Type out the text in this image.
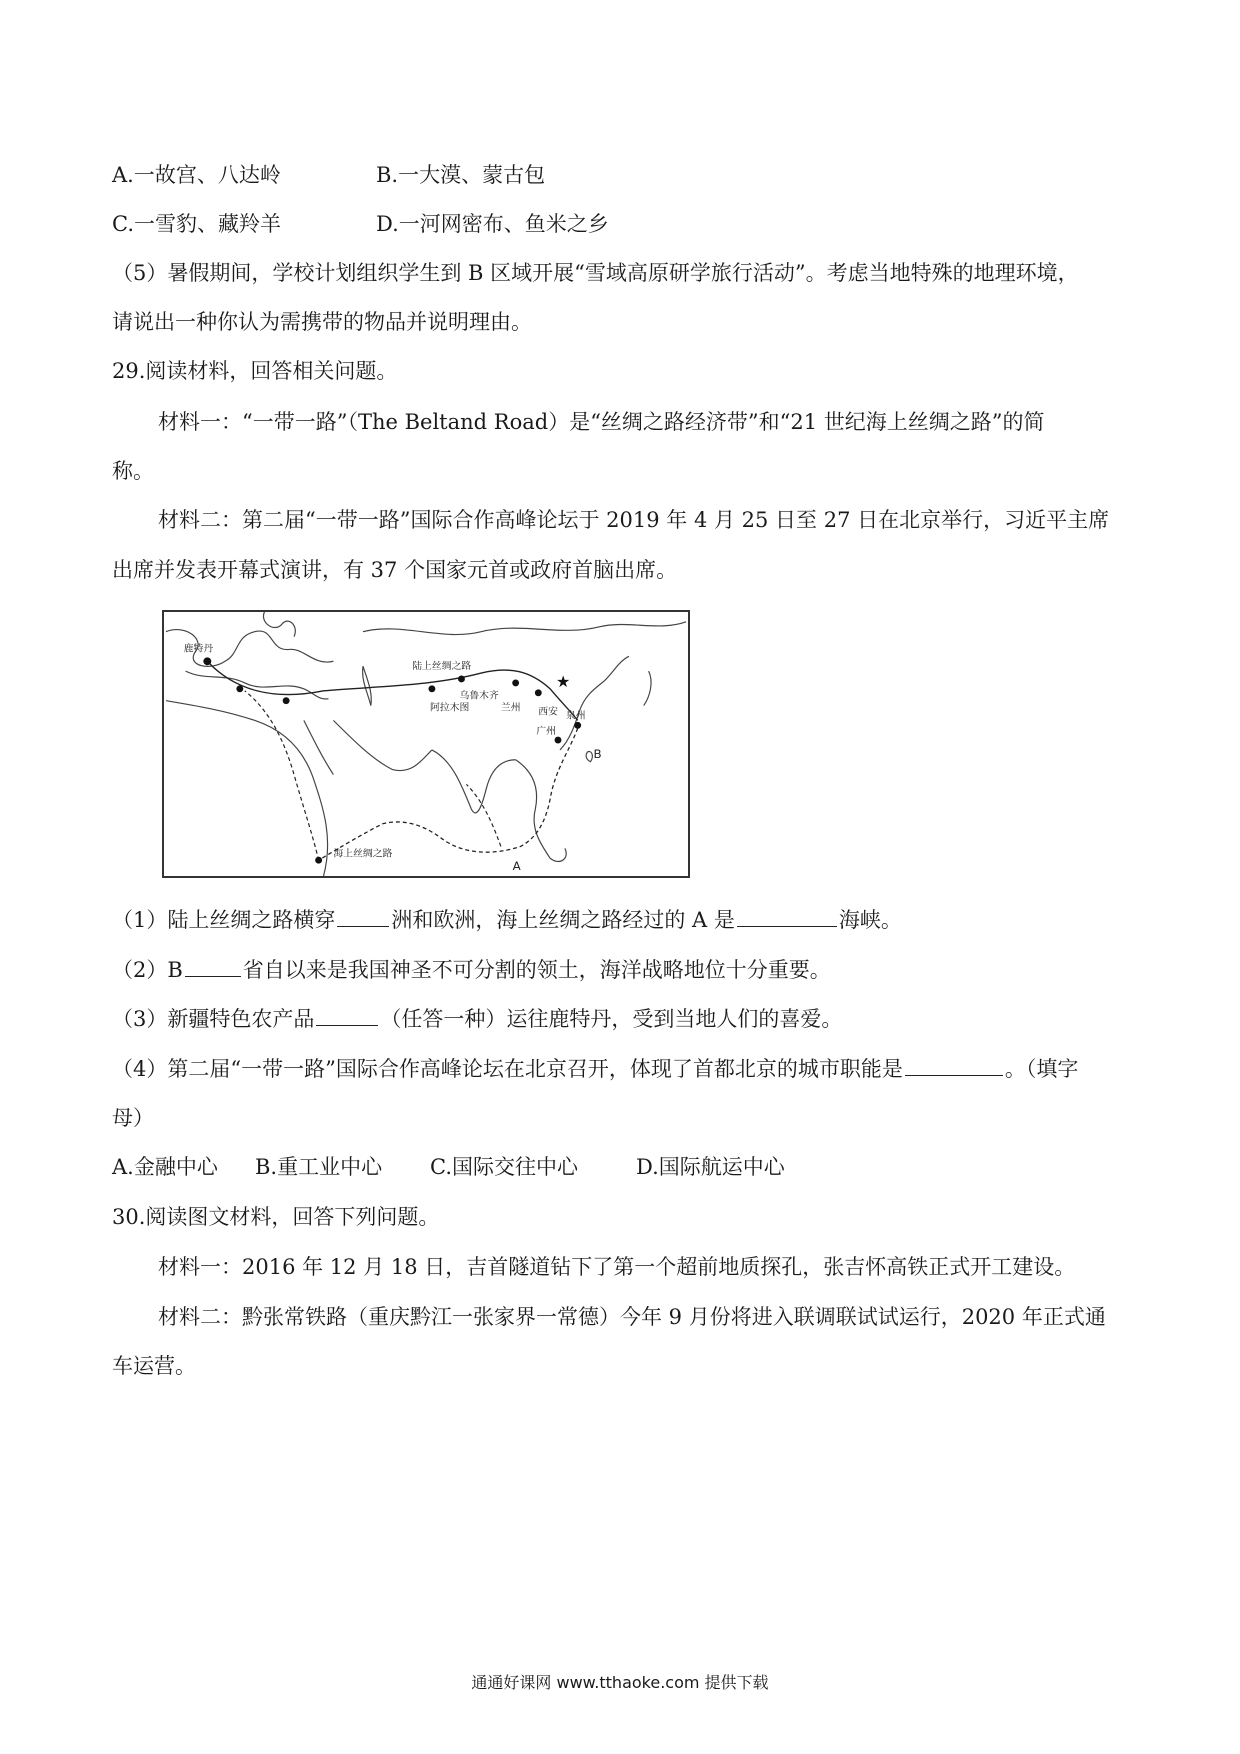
A.一故宫、八达岭	B.一大漠、蒙古包
C.一雪豹、藏羚羊	D.一河网密布、鱼米之乡
（5）暑假期间，学校计划组织学生到 B 区域开展“雪域高原研学旅行活动”。考虑当地特殊的地理环境，
请说出一种你认为需携带的物品并说明理由。
29.阅读材料，回答相关问题。
材料一：“一带一路”（The Beltand Road）是“丝绸之路经济带”和“21 世纪海上丝绸之路”的简
称。
材料二：第二届“一带一路”国际合作高峰论坛于 2019 年 4 月 25 日至 27 日在北京举行，习近平主席
出席并发表开幕式演讲，有 37 个国家元首或政府首脑出席。
★
鹿特丹
陆上丝绸之路
阿拉木图
乌鲁木齐
兰州 西安
广州
泉州
海上丝绸之路
A
B
（1）陆上丝绸之路横穿	洲和欧洲，海上丝绸之路经过的 A 是	海峡。
（2）B	省自以来是我国神圣不可分割的领土，海洋战略地位十分重要。
（3）新疆特色农产品	（任答一种）运往鹿特丹，受到当地人们的喜爱。
（4）第二届“一带一路”国际合作高峰论坛在北京召开，体现了首都北京的城市职能是	。（填字
母）
A.金融中心 B.重工业中心 C.国际交往中心	D.国际航运中心
30.阅读图文材料，回答下列问题。
材料一：2016 年 12 月 18 日，吉首隧道钻下了第一个超前地质探孔，张吉怀高铁正式开工建设。
材料二：黔张常铁路（重庆黔江一张家界一常德）今年 9 月份将进入联调联试试运行，2020 年正式通
车运营。
通通好课网 www.tthaoke.com 提供下载
